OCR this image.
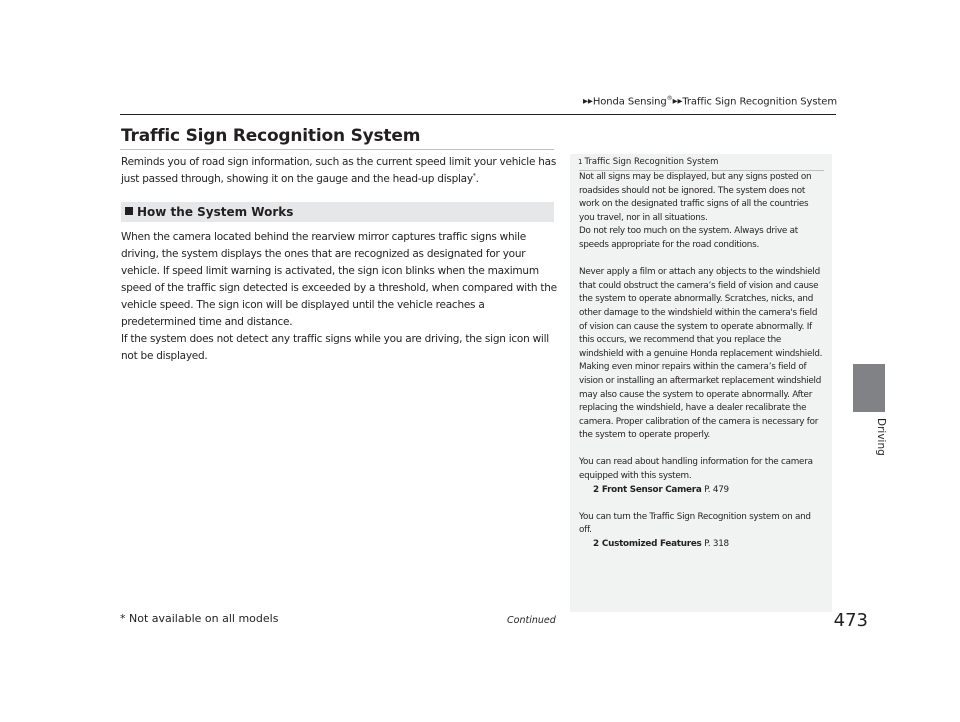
▶▶Honda Sensing®▶▶Traffic Sign Recognition System
Traffic Sign Recognition System

Reminds you of road sign information, such as the current speed limit your vehicle has just passed through, showing it on the gauge and the head-up display*.

How the System Works

When the camera located behind the rearview mirror captures traffic signs while driving, the system displays the ones that are recognized as designated for your vehicle. If speed limit warning is activated, the sign icon blinks when the maximum speed of the traffic sign detected is exceeded by a threshold, when compared with the vehicle speed. The sign icon will be displayed until the vehicle reaches a predetermined time and distance.

If the system does not detect any traffic signs while you are driving, the sign icon will not be displayed.

1 Traffic Sign Recognition System

Not all signs may be displayed, but any signs posted on roadsides should not be ignored. The system does not work on the designated traffic signs of all the countries you travel, nor in all situations.

Do not rely too much on the system. Always drive at speeds appropriate for the road conditions.

Never apply a film or attach any objects to the windshield that could obstruct the camera’s field of vision and cause the system to operate abnormally. Scratches, nicks, and other damage to the windshield within the camera's field of vision can cause the system to operate abnormally. If this occurs, we recommend that you replace the windshield with a genuine Honda replacement windshield. Making even minor repairs within the camera’s field of vision or installing an aftermarket replacement windshield may also cause the system to operate abnormally. After replacing the windshield, have a dealer recalibrate the camera. Proper calibration of the camera is necessary for the system to operate properly.

You can read about handling information for the camera equipped with this system.

2 Front Sensor Camera P. 479

You can turn the Traffic Sign Recognition system on and off.

2 Customized Features P. 318

* Not available on all models	Continued	473
Driving
